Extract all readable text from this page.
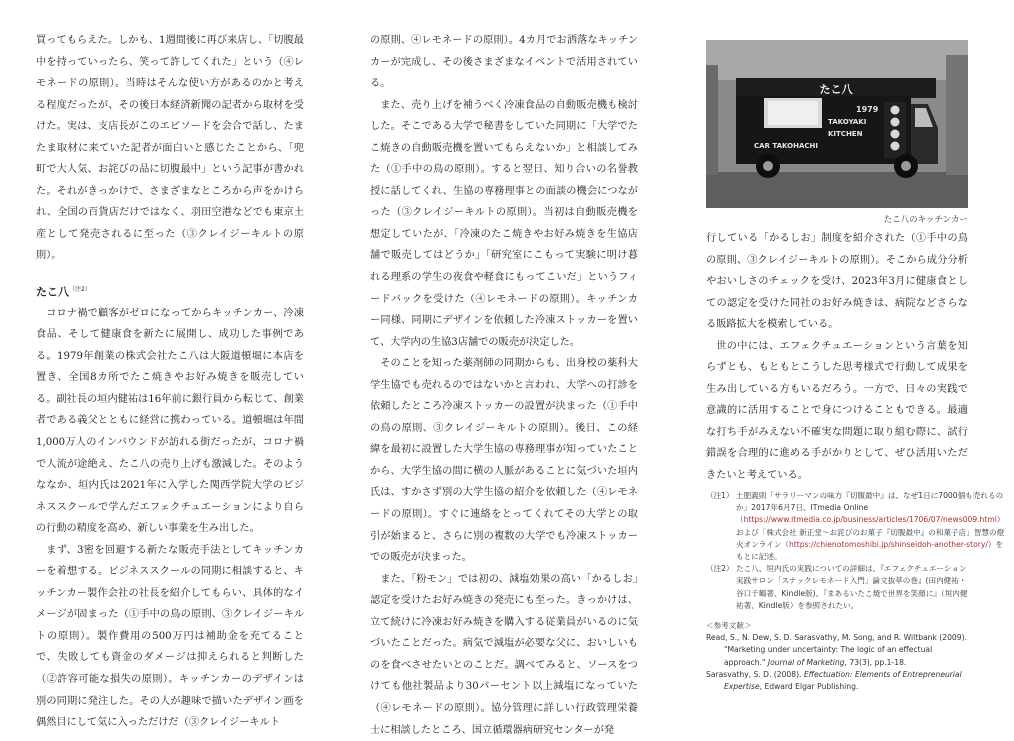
買ってもらえた。しかも、1週間後に再び来店し、「切腹最中を持っていったら、笑って許してくれた」という（④レモネードの原則）。当時はそんな使い方があるのかと考える程度だったが、その後日本経済新聞の記者から取材を受けた。実は、支店長がこのエピソードを会合で話し、たまたま取材に来ていた記者が面白いと感じたことから、「兜町で大人気、お詫びの品に切腹最中」という記事が書かれた。それがきっかけで、さまざまなところから声をかけられ、全国の百貨店だけではなく、羽田空港などでも東京土産として発売されるに至った（③クレイジーキルトの原則）。

たこ八$^{(注2)}$

コロナ禍で顧客がゼロになってからキッチンカー、冷凍食品、そして健康食を新たに展開し、成功した事例である。1979年創業の株式会社たこ八は大阪道頓堀に本店を置き、全国8カ所でたこ焼きやお好み焼きを販売している。副社長の垣内健祐は16年前に銀行員から転じて、創業者である義父とともに経営に携わっている。道頓堀は年間1,000万人のインバウンドが訪れる街だったが、コロナ禍で人流が途絶え、たこ八の売り上げも激減した。そのようななか、垣内氏は2021年に入学した関西学院大学のビジネススクールで学んだエフェクチュエーションにより自らの行動の精度を高め、新しい事業を生み出した。

まず、3密を回避する新たな販売手法としてキッチンカーを着想する。ビジネススクールの同期に相談すると、キッチンカー製作会社の社長を紹介してもらい、具体的なイメージが固まった（①手中の鳥の原則、③クレイジーキルトの原則）。製作費用の500万円は補助金を充てることで、失敗しても資金のダメージは抑えられると判断した（②許容可能な損失の原則）。キッチンカーのデザインは別の同期に発注した。その人が趣味で描いたデザイン画を偶然目にして気に入っただけだ（③クレイジーキルト

の原則、④レモネードの原則）。4カ月でお洒落なキッチンカーが完成し、その後さまざまなイベントで活用されている。

また、売り上げを補うべく冷凍食品の自動販売機も検討した。そこである大学で秘書をしていた同期に「大学でたこ焼きの自動販売機を置いてもらえないか」と相談してみた（①手中の鳥の原則）。すると翌日、知り合いの名誉教授に話してくれ、生協の専務理事との面談の機会につながった（③クレイジーキルトの原則）。当初は自動販売機を想定していたが、「冷凍のたこ焼きやお好み焼きを生協店舗で販売してはどうか」「研究室にこもって実験に明け暮れる理系の学生の夜食や軽食にもってこいだ」というフィードバックを受けた（④レモネードの原則）。キッチンカー同様、同期にデザインを依頼した冷凍ストッカーを置いて、大学内の生協3店舗での販売が決定した。

そのことを知った薬剤師の同期からも、出身校の薬科大学生協でも売れるのではないかと言われ、大学への打診を依頼したところ冷凍ストッカーの設置が決まった（①手中の鳥の原則、③クレイジーキルトの原則）。後日、この経緯を最初に設置した大学生協の専務理事が知っていたことから、大学生協の間に横の人脈があることに気づいた垣内氏は、すかさず別の大学生協の紹介を依頼した（④レモネードの原則）。すぐに連絡をとってくれてその大学との取引が始まると、さらに別の複数の大学でも冷凍ストッカーでの販売が決まった。

また、「粉モン」では初の、減塩効果の高い「かるしお」認定を受けたお好み焼きの発売にも至った。きっかけは、立て続けに冷凍お好み焼きを購入する従業員がいるのに気づいたことだった。病気で減塩が必要な父に、おいしいものを食べさせたいとのことだ。調べてみると、ソースをつけても他社製品より30パーセント以上減塩になっていた（④レモネードの原則）。協分管理に詳しい行政管理栄養士に相談したところ、国立循環器病研究センターが発

たこ八
1979
TAKOYAKI
KITCHEN
CAR TAKOHACHI
たこ八のキッチンカー

行している「かるしお」制度を紹介された（①手中の鳥の原則、③クレイジーキルトの原則）。そこから成分分析やおいしさのチェックを受け、2023年3月に健康食としての認定を受けた同社のお好み焼きは、病院などさらなる販路拡大を模索している。

世の中には、エフェクチュエーションという言葉を知らずとも、もともとこうした思考様式で行動して成果を生み出している方もいるだろう。一方で、日々の実践で意識的に活用することで身につけることもできる。最適な打ち手がみえない不確実な問題に取り組む際に、試行錯誤を合理的に進める手がかりとして、ぜひ活用いただきたいと考えている。

（注1） 土肥義則「サラリーマンの味方『切腹最中』は、なぜ1日に7000個も売れるのか」2017年6月7日、ITmedia Online（https://www.itmedia.co.jp/business/articles/1706/07/news009.html）および「株式会社 新正堂～お詫びのお菓子『切腹最中』の和菓子店」智慧の燈火オンライン（https://chienotomoshibi.jp/shinseidoh-another-story/）をもとに記述。
（注2） たこ八、垣内氏の実践についての詳細は、『エフェクチュエーション実践サロン「スナックレモネード入門」論文抜萃の巻』(田内健祐・谷口千鶴著、Kindle版)、『まあるいたこ焼で世界を笑顔に』（垣内健祐著、Kindle版）を参照されたい。
＜参考文献＞
Read, S., N. Dew, S. D. Sarasvathy, M. Song, and R. Wiltbank (2009). "Marketing under uncertainty: The logic of an effectual approach." Journal of Marketing, 73(3), pp.1-18.
Sarasvathy, S. D. (2008). Effectuation: Elements of Entrepreneurial Expertise, Edward Elgar Publishing.
